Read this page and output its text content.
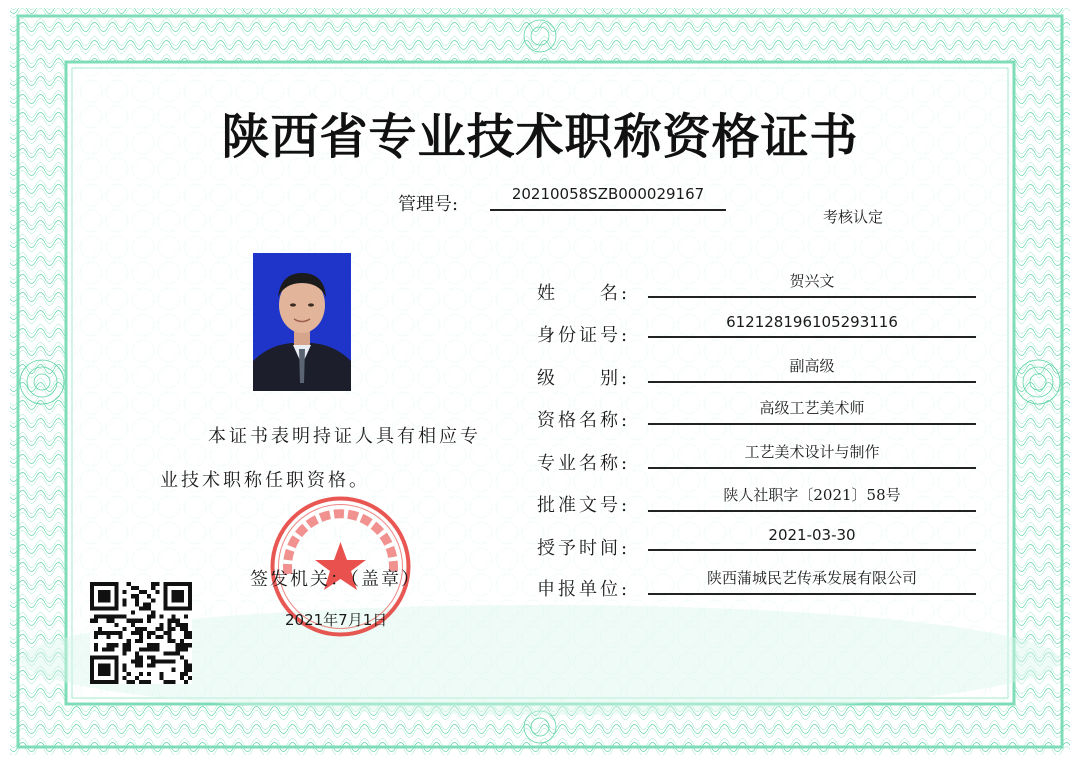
陕西省专业技术职称资格证书
管理号:	20210058SZB000029167
考核认定
本证书表明持证人具有相应专业技术职称任职资格。
签发机关：（盖章）
2021年7月1日
姓　　名:
贺兴文
身份证号:
612128196105293116
级　　别:
副高级
资格名称:
高级工艺美术师
专业名称:
工艺美术设计与制作
批准文号:	陕人社职字〔2021〕58号
授予时间:
2021-03-30
申报单位:
陕西蒲城民艺传承发展有限公司
